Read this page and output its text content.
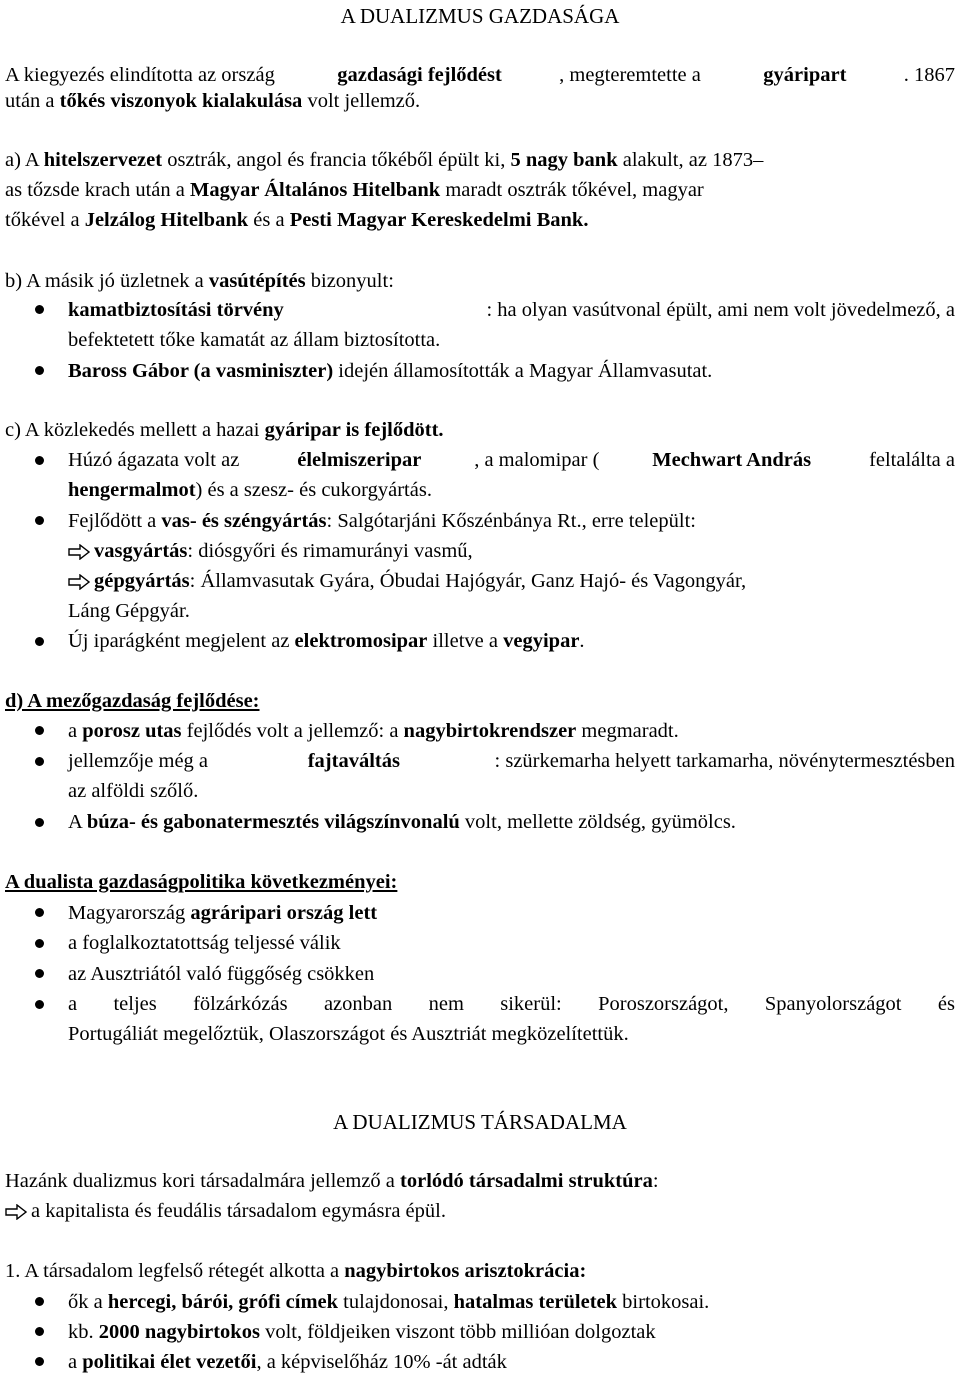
A DUALIZMUS GAZDASÁGA
A kiegyezés elindította az ország	gazdasági fejlődést	, megteremtette a	gyáripart	. 1867
után a tőkés viszonyok kialakulása volt jellemző.
a) A hitelszervezet osztrák, angol és francia tőkéből épült ki, 5 nagy bank alakult, az 1873–
as tőzsde krach után a Magyar Általános Hitelbank maradt osztrák tőkével, magyar
tőkével a Jelzálog Hitelbank és a Pesti Magyar Kereskedelmi Bank.
b) A másik jó üzletnek a vasútépítés bizonyult:
kamatbiztosítási törvény	: ha olyan vasútvonal épült, ami nem volt jövedelmező, a
befektetett tőke kamatát az állam biztosította.
Baross Gábor (a vasminiszter) idején államosították a Magyar Államvasutat.
c) A közlekedés mellett a hazai gyáripar is fejlődött.
Húzó ágazata volt az	élelmiszeripar	, a malomipar (	Mechwart András	feltalálta a
hengermalmot) és a szesz- és cukorgyártás.
Fejlődött a vas- és széngyártás: Salgótarjáni Kőszénbánya Rt., erre települt:
vasgyártás: diósgyőri és rimamurányi vasmű,
gépgyártás: Államvasutak Gyára, Óbudai Hajógyár, Ganz Hajó- és Vagongyár,
Láng Gépgyár.
Új iparágként megjelent az elektromosipar illetve a vegyipar.
d) A mezőgazdaság fejlődése:
a porosz utas fejlődés volt a jellemző: a nagybirtokrendszer megmaradt.
jellemzője még a	fajtaváltás	: szürkemarha helyett tarkamarha, növénytermesztésben
az alföldi szőlő.
A búza- és gabonatermesztés világszínvonalú volt, mellette zöldség, gyümölcs.
A dualista gazdaságpolitika következményei:
Magyarország agráripari ország lett
a foglalkoztatottság teljessé válik
az Ausztriától való függőség csökken
a teljes fölzárkózás azonban nem sikerül: Poroszországot, Spanyolországot és
Portugáliát megelőztük, Olaszországot és Ausztriát megközelítettük.
A DUALIZMUS TÁRSADALMA
Hazánk dualizmus kori társadalmára jellemző a torlódó társadalmi struktúra:
a kapitalista és feudális társadalom egymásra épül.
1. A társadalom legfelső rétegét alkotta a nagybirtokos arisztokrácia:
ők a hercegi, bárói, grófi címek tulajdonosai, hatalmas területek birtokosai.
kb. 2000 nagybirtokos volt, földjeiken viszont több millióan dolgoztak
a politikai élet vezetői, a képviselőház 10% -át adták
